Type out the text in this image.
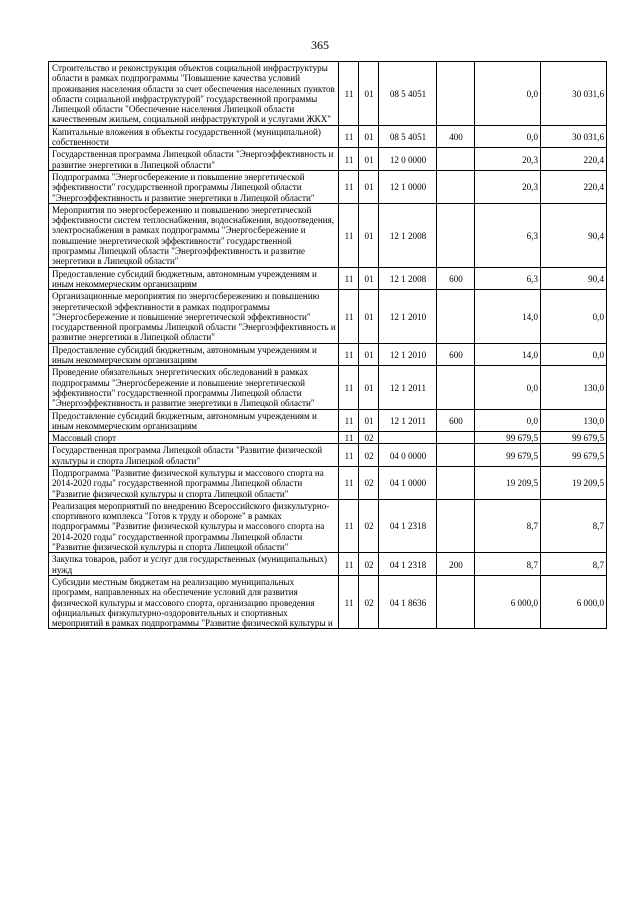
365
Строительство и реконструкция объектов социальной инфраструктуры области в рамках подпрограммы "Повышение качества условий проживания населения области за счет обеспечения населенных пунктов области социальной инфраструктурой" государственной программы Липецкой области "Обеспечение населения Липецкой области качественным жильем, социальной инфраструктурой и услугами ЖКХ"	11	01	08 5 4051		0,0	30 031,6
Капитальные вложения в объекты государственной (муниципальной) собственности	11	01	08 5 4051	400	0,0	30 031,6
Государственная программа Липецкой области "Энергоэффективность и развитие энергетики в Липецкой области"	11	01	12 0 0000		20,3	220,4
Подпрограмма "Энергосбережение и повышение энергетической эффективности" государственной программы Липецкой области "Энергоэффективность и развитие энергетики в Липецкой области"	11	01	12 1 0000		20,3	220,4
Мероприятия по энергосбережению и повышению энергетической эффективности систем теплоснабжения, водоснабжения, водоотведения, электроснабжения в рамках подпрограммы "Энергосбережение и повышение энергетической эффективности" государственной программы Липецкой области "Энергоэффективность и развитие энергетики в Липецкой области"	11	01	12 1 2008		6,3	90,4
Предоставление субсидий бюджетным, автономным учреждениям и иным некоммерческим организациям	11	01	12 1 2008	600	6,3	90,4
Организационные мероприятия по энергосбережению и повышению энергетической эффективности в рамках подпрограммы "Энергосбережение и повышение энергетической эффективности" государственной программы Липецкой области "Энергоэффективность и развитие энергетики в Липецкой области"	11	01	12 1 2010		14,0	0,0
Предоставление субсидий бюджетным, автономным учреждениям и иным некоммерческим организациям	11	01	12 1 2010	600	14,0	0,0
Проведение обязательных энергетических обследований в рамках подпрограммы "Энергосбережение и повышение энергетической эффективности" государственной программы Липецкой области "Энергоэффективность и развитие энергетики в Липецкой области"	11	01	12 1 2011		0,0	130,0
Предоставление субсидий бюджетным, автономным учреждениям и иным некоммерческим организациям	11	01	12 1 2011	600	0,0	130,0
Массовый спорт	11	02			99 679,5	99 679,5
Государственная программа Липецкой области "Развитие физической культуры и спорта Липецкой области"	11	02	04 0 0000		99 679,5	99 679,5
Подпрограмма "Развитие физической культуры и массового спорта на 2014-2020 годы" государственной программы Липецкой области "Развитие физической культуры и спорта Липецкой области"	11	02	04 1 0000		19 209,5	19 209,5
Реализация мероприятий по внедрению Всероссийского физкультурно-спортивного комплекса "Готов к труду и обороне" в рамках подпрограммы "Развитие физической культуры и массового спорта на 2014-2020 годы" государственной программы Липецкой области "Развитие физической культуры и спорта Липецкой области"	11	02	04 1 2318		8,7	8,7
Закупка товаров, работ и услуг для государственных (муниципальных) нужд	11	02	04 1 2318	200	8,7	8,7
Субсидии местным бюджетам на реализацию муниципальных программ, направленных на обеспечение условий для развития физической культуры и массового спорта, организацию проведения официальных физкультурно-оздоровительных и спортивных мероприятий в рамках подпрограммы "Развитие физической культуры и	11	02	04 1 8636		6 000,0	6 000,0
